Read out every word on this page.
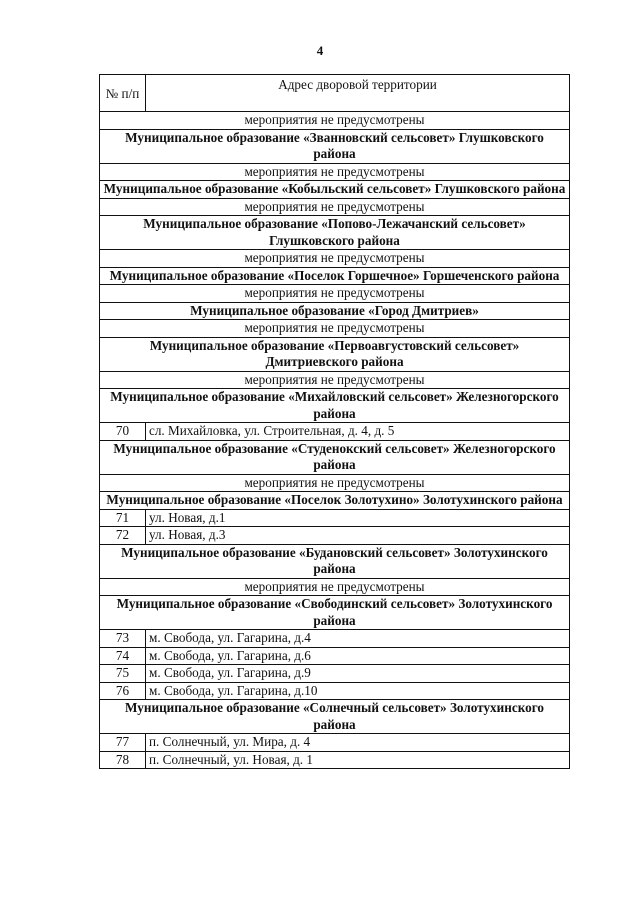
4
№ п/п	Адрес дворовой территории
мероприятия не предусмотрены	
Муниципальное образование «Званновский сельсовет» Глушковского района	
мероприятия не предусмотрены	
Муниципальное образование «Кобыльский сельсовет» Глушковского района	
мероприятия не предусмотрены	
Муниципальное образование «Попово-Лежачанский сельсовет» Глушковского района	
мероприятия не предусмотрены	
Муниципальное образование «Поселок Горшечное» Горшеченского района	
мероприятия не предусмотрены	
Муниципальное образование «Город Дмитриев»	
мероприятия не предусмотрены	
Муниципальное образование «Первоавгустовский сельсовет» Дмитриевского района	
мероприятия не предусмотрены	
Муниципальное образование «Михайловский сельсовет» Железногорского района	
70	сл. Михайловка, ул. Строительная, д. 4, д. 5
Муниципальное образование «Студенокский сельсовет» Железногорского района	
мероприятия не предусмотрены	
Муниципальное образование «Поселок Золотухино» Золотухинского района	
71	ул. Новая, д.1
72	ул. Новая, д.3
Муниципальное образование «Будановский сельсовет» Золотухинского района	
мероприятия не предусмотрены	
Муниципальное образование «Свободинский сельсовет» Золотухинского района	
73	м. Свобода, ул. Гагарина, д.4
74	м. Свобода, ул. Гагарина, д.6
75	м. Свобода, ул. Гагарина, д.9
76	м. Свобода, ул. Гагарина, д.10
Муниципальное образование «Солнечный сельсовет» Золотухинского района	
77	п. Солнечный, ул. Мира, д. 4
78	п. Солнечный, ул. Новая, д. 1
